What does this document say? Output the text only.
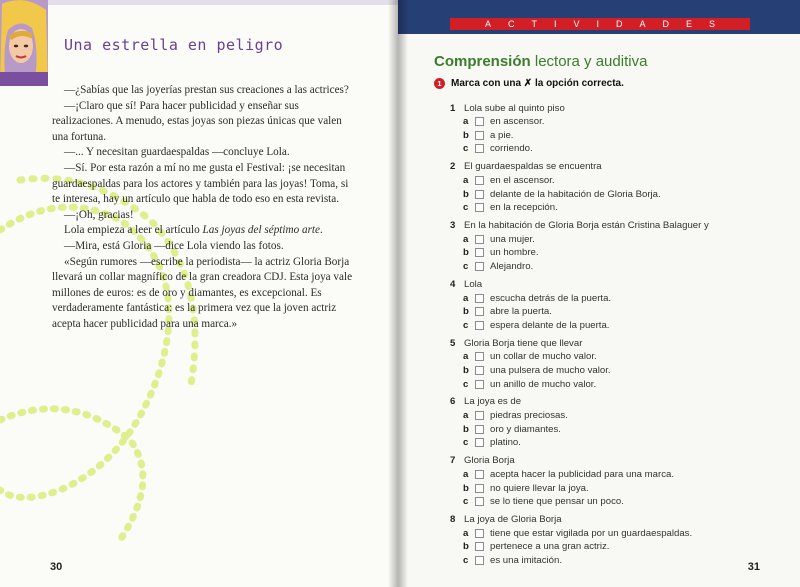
Una estrella en peligro

—¿Sabías que las joyerías prestan sus creaciones a las actrices?

—¡Claro que sí! Para hacer publicidad y enseñar sus realizaciones. A menudo, estas joyas son piezas únicas que valen una fortuna.

—... Y necesitan guardaespaldas —concluye Lola.

—Sí. Por esta razón a mí no me gusta el Festival: ¡se necesitan guardaespaldas para los actores y también para las joyas! Toma, si te interesa, hay un artículo que habla de todo eso en esta revista.

—¡Oh, gracias!

Lola empieza a leer el artículo Las joyas del séptimo arte.

—Mira, está Gloria —dice Lola viendo las fotos.

«Según rumores —escribe la periodista— la actriz Gloria Borja llevará un collar magnífico de la gran creadora CDJ. Esta joya vale millones de euros: es de oro y diamantes, es excepcional. Es verdaderamente fantástica: es la primera vez que la joven actriz acepta hacer publicidad para una marca.»

30
ACTIVIDADES
Comprensión lectora y auditiva
1 Marca con una ✗ la opción correcta.
1 Lola sube al quinto piso
a	en ascensor.
b	a pie.
c	corriendo.
2 El guardaespaldas se encuentra
a	en el ascensor.
b	delante de la habitación de Gloria Borja.
c	en la recepción.
3 En la habitación de Gloria Borja están Cristina Balaguer y
a	una mujer.
b	un hombre.
c	Alejandro.
4 Lola
a	escucha detrás de la puerta.
b	abre la puerta.
c	espera delante de la puerta.
5 Gloria Borja tiene que llevar
a	un collar de mucho valor.
b	una pulsera de mucho valor.
c	un anillo de mucho valor.
6 La joya es de
a	piedras preciosas.
b	oro y diamantes.
c	platino.
7 Gloria Borja
a	acepta hacer la publicidad para una marca.
b	no quiere llevar la joya.
c	se lo tiene que pensar un poco.
8 La joya de Gloria Borja
a	tiene que estar vigilada por un guardaespaldas.
b	pertenece a una gran actriz.
c	es una imitación.
31
